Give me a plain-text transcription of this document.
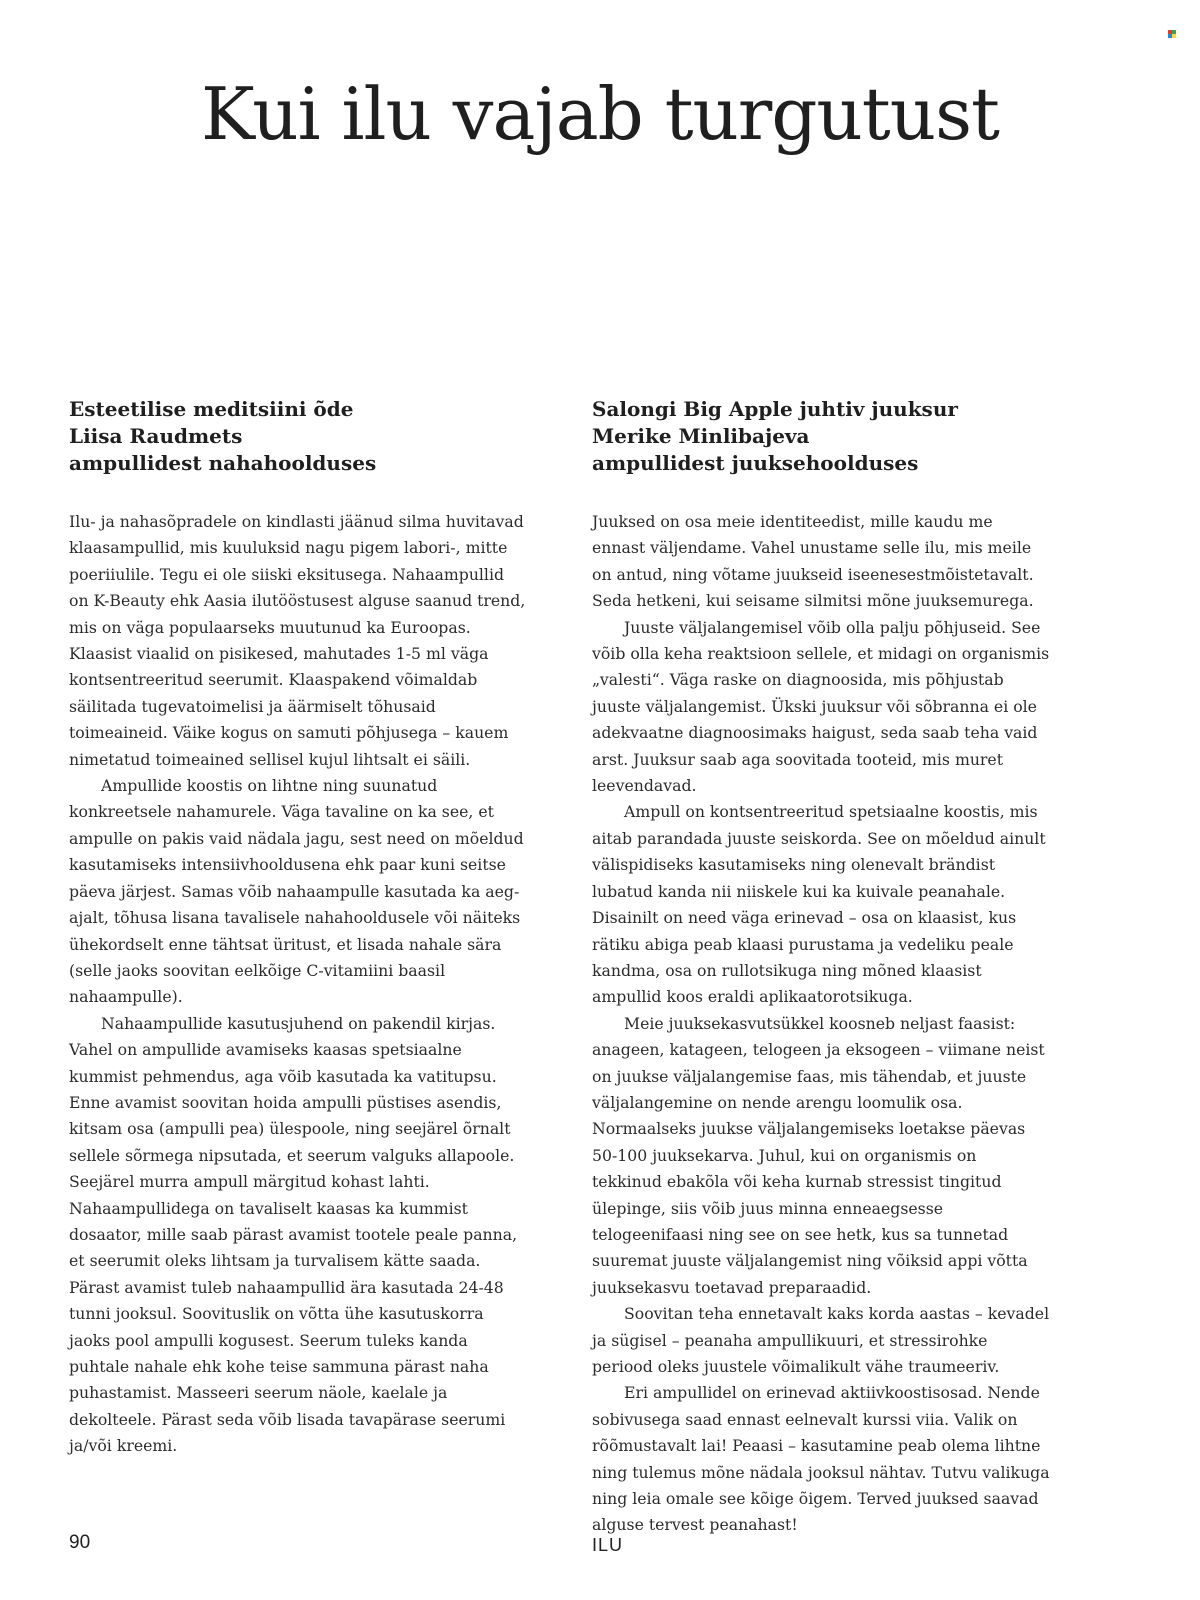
Kui ilu vajab turgutust
Esteetilise meditsiini õde
Liisa Raudmets
ampullidest nahahoolduses

Ilu- ja nahasõpradele on kindlasti jäänud silma huvitavad klaasampullid, mis kuuluksid nagu pigem labori-, mitte poeriiulile. Tegu ei ole siiski eksitusega. Nahaampullid on K-Beauty ehk Aasia ilutööstusest alguse saanud trend, mis on väga populaarseks muutunud ka Euroopas. Klaasist viaalid on pisikesed, mahutades 1-5 ml väga kontsentreeritud seerumit. Klaaspakend võimaldab säilitada tugevatoimelisi ja äärmiselt tõhusaid toimeaineid. Väike kogus on samuti põhjusega – kauem nimetatud toimeained sellisel kujul lihtsalt ei säili.

Ampullide koostis on lihtne ning suunatud konkreetsele nahamurele. Väga tavaline on ka see, et ampulle on pakis vaid nädala jagu, sest need on mõeldud kasutamiseks intensiivhooldusena ehk paar kuni seitse päeva järjest. Samas võib nahaampulle kasutada ka aeg-ajalt, tõhusa lisana tavalisele nahahooldusele või näiteks ühekordselt enne tähtsat üritust, et lisada nahale sära (selle jaoks soovitan eelkõige C-vitamiini baasil nahaampulle).

Nahaampullide kasutusjuhend on pakendil kirjas.

Vahel on ampullide avamiseks kaasas spetsiaalne kummist pehmendus, aga võib kasutada ka vatitupsu. Enne avamist soovitan hoida ampulli püstises asendis, kitsam osa (ampulli pea) ülespoole, ning seejärel õrnalt sellele sõrmega nipsutada, et seerum valguks allapoole. Seejärel murra ampull märgitud kohast lahti. Nahaampullidega on tavaliselt kaasas ka kummist dosaator, mille saab pärast avamist tootele peale panna, et seerumit oleks lihtsam ja turvalisem kätte saada. Pärast avamist tuleb nahaampullid ära kasutada 24-48 tunni jooksul. Soovituslik on võtta ühe kasutuskorra jaoks pool ampulli kogusest. Seerum tuleks kanda puhtale nahale ehk kohe teise sammuna pärast naha puhastamist. Masseeri seerum näole, kaelale ja dekolteele. Pärast seda võib lisada tavapärase seerumi ja/või kreemi.

Salongi Big Apple juhtiv juuksur
Merike Minlibajeva
ampullidest juuksehoolduses

Juuksed on osa meie identiteedist, mille kaudu me ennast väljendame. Vahel unustame selle ilu, mis meile on antud, ning võtame juukseid iseenesestmõistetavalt. Seda hetkeni, kui seisame silmitsi mõne juuksemurega.

Juuste väljalangemisel võib olla palju põhjuseid. See võib olla keha reaktsioon sellele, et midagi on organismis „valesti“. Väga raske on diagnoosida, mis põhjustab juuste väljalangemist. Ükski juuksur või sõbranna ei ole adekvaatne diagnoosimaks haigust, seda saab teha vaid arst. Juuksur saab aga soovitada tooteid, mis muret leevendavad.

Ampull on kontsentreeritud spetsiaalne koostis, mis aitab parandada juuste seiskorda. See on mõeldud ainult välispidiseks kasutamiseks ning olenevalt brändist lubatud kanda nii niiskele kui ka kuivale peanahale. Disainilt on need väga erinevad – osa on klaasist, kus rätiku abiga peab klaasi purustama ja vedeliku peale kandma, osa on rullotsikuga ning mõned klaasist ampullid koos eraldi aplikaatorotsikuga.

Meie juuksekasvutsükkel koosneb neljast faasist: anageen, katageen, telogeen ja eksogeen – viimane neist on juukse väljalangemise faas, mis tähendab, et juuste väljalangemine on nende arengu loomulik osa. Normaalseks juukse väljalangemiseks loetakse päevas 50-100 juuksekarva. Juhul, kui on organismis on tekkinud ebakõla või keha kurnab stressist tingitud ülepinge, siis võib juus minna enneaegsesse telogeenifaasi ning see on see hetk, kus sa tunnetad suuremat juuste väljalangemist ning võiksid appi võtta juuksekasvu toetavad preparaadid.

Soovitan teha ennetavalt kaks korda aastas – kevadel ja sügisel – peanaha ampullikuuri, et stressirohke periood oleks juustele võimalikult vähe traumeeriv.

Eri ampullidel on erinevad aktiivkoostisosad. Nende sobivusega saad ennast eelnevalt kurssi viia. Valik on rõõmustavalt lai! Peaasi – kasutamine peab olema lihtne ning tulemus mõne nädala jooksul nähtav. Tutvu valikuga ning leia omale see kõige õigem. Terved juuksed saavad alguse tervest peanahast!

90	ILU
